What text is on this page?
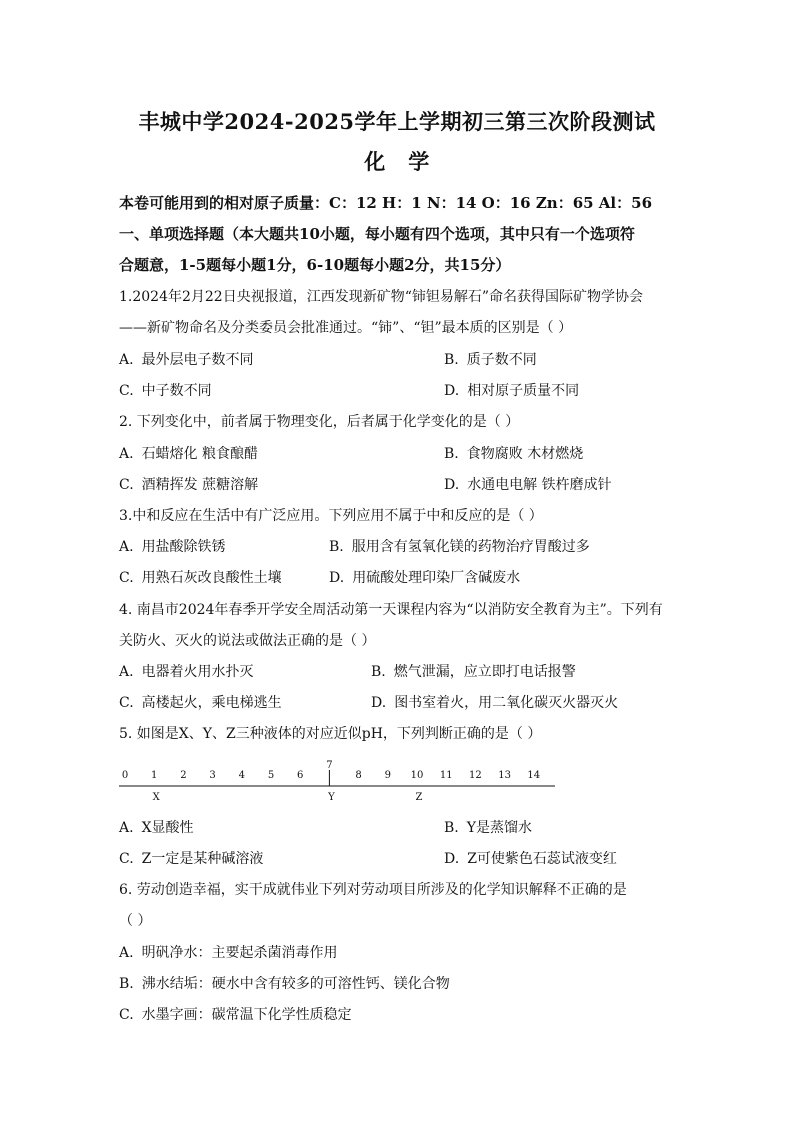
丰城中学2024-2025学年上学期初三第三次阶段测试
化 学
本卷可能用到的相对原子质量：C：12 H：1 N：14 O：16 Zn：65 Al：56
一、单项选择题（本大题共10小题，每小题有四个选项，其中只有一个选项符
合题意，1-5题每小题1分，6-10题每小题2分，共15分）
1.2024年2月22日央视报道，江西发现新矿物“铈钽易解石”命名获得国际矿物学协会
——新矿物命名及分类委员会批准通过。“铈”、“钽”最本质的区别是（ ）
A. 最外层电子数不同	B. 质子数不同
C. 中子数不同	D. 相对原子质量不同
2. 下列变化中，前者属于物理变化，后者属于化学变化的是（ ）
A. 石蜡熔化 粮食酿醋	B. 食物腐败 木材燃烧
C. 酒精挥发 蔗糖溶解	D. 水通电电解 铁杵磨成针
3.中和反应在生活中有广泛应用。下列应用不属于中和反应的是（ ）
A. 用盐酸除铁锈	B. 服用含有氢氧化镁的药物治疗胃酸过多
C. 用熟石灰改良酸性土壤	D. 用硫酸处理印染厂含碱废水
4. 南昌市2024年春季开学安全周活动第一天课程内容为“以消防安全教育为主”。下列有
关防火、灭火的说法或做法正确的是（ ）
A. 电器着火用水扑灭	B. 燃气泄漏，应立即打电话报警
C. 高楼起火，乘电梯逃生	D. 图书室着火，用二氧化碳灭火器灭火
5. 如图是X、Y、Z三种液体的对应近似pH，下列判断正确的是（ ）
0 1 2 3 4 5 6
7
8 9 10 11 12 13 14
X	Y	Z
A. X显酸性	B. Y是蒸馏水
C. Z一定是某种碱溶液	D. Z可使紫色石蕊试液变红
6. 劳动创造幸福，实干成就伟业下列对劳动项目所涉及的化学知识解释不正确的是
（ ）
A. 明矾净水：主要起杀菌消毒作用
B. 沸水结垢：硬水中含有较多的可溶性钙、镁化合物
C. 水墨字画：碳常温下化学性质稳定
